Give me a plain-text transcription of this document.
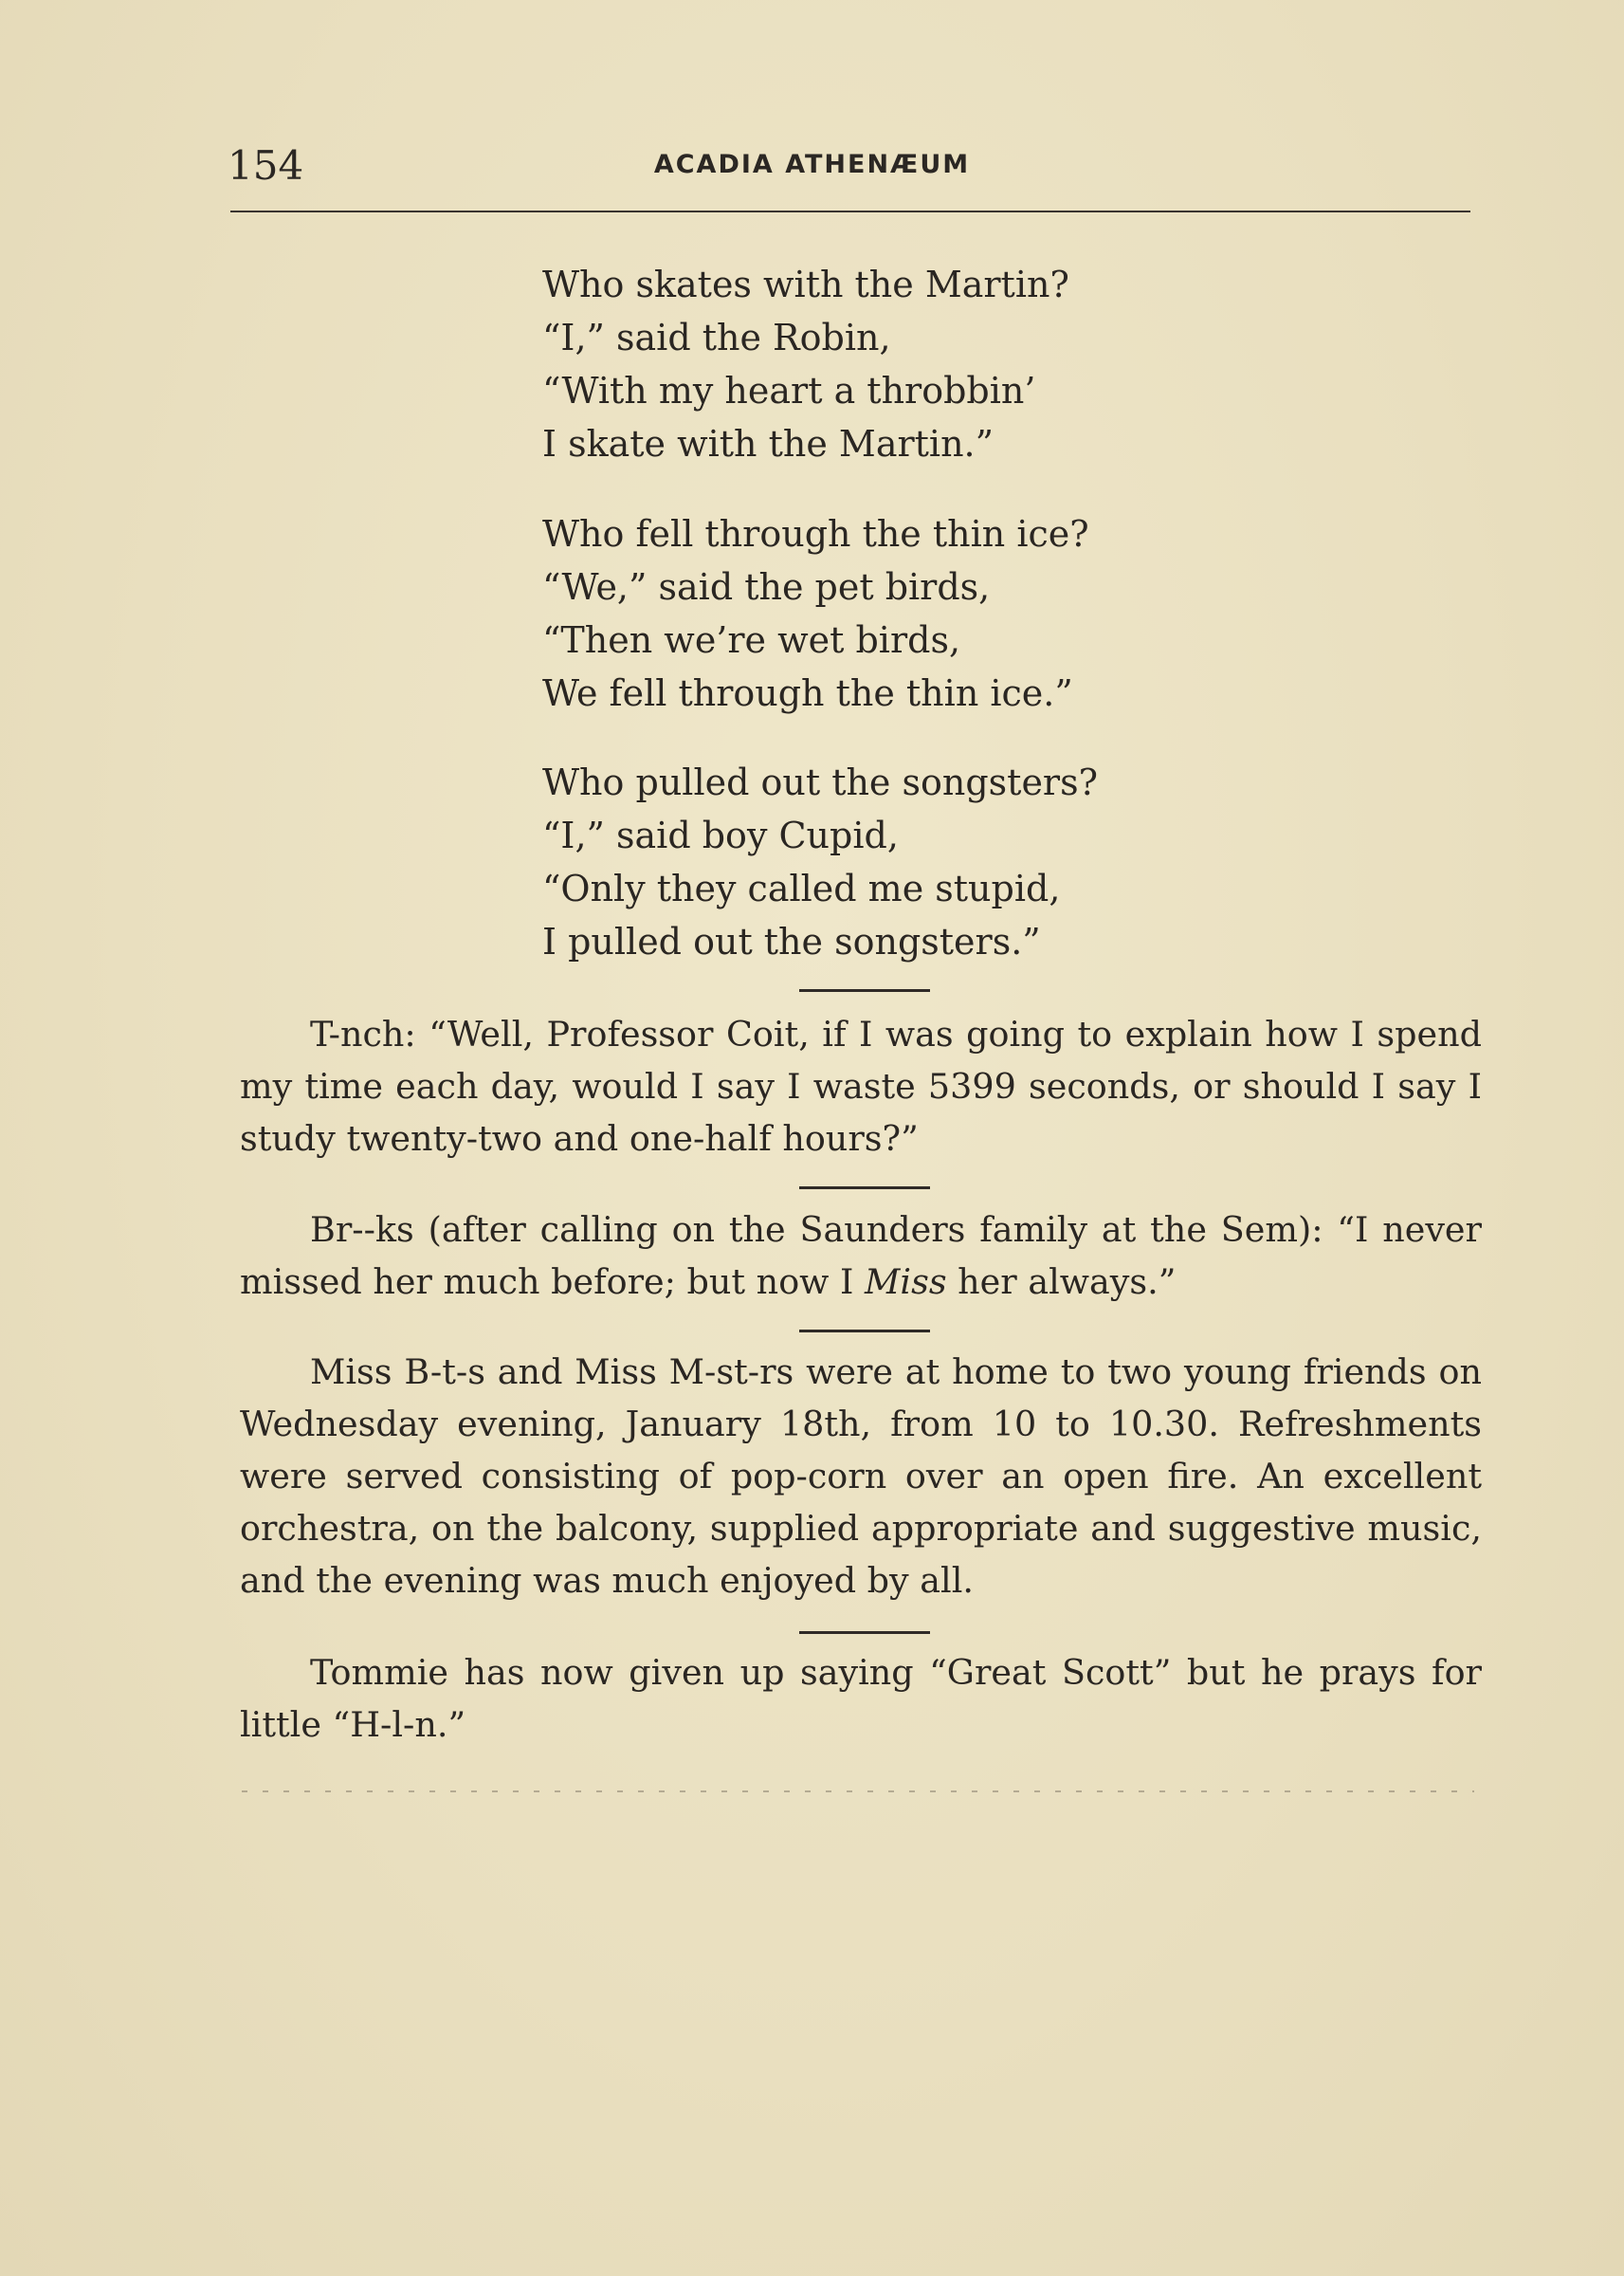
154	ACADIA ATHENÆUM
Who skates with the Martin?
“I,” said the Robin,
“With my heart a throbbin’
I skate with the Martin.”
Who fell through the thin ice?
“We,” said the pet birds,
“Then we’re wet birds,
We fell through the thin ice.”
Who pulled out the songsters?
“I,” said boy Cupid,
“Only they called me stupid,
I pulled out the songsters.”

T-nch: “Well, Professor Coit, if I was going to explain how I spend my time each day, would I say I waste 5399 seconds, or should I say I study twenty-two and one-half hours?”

Br--ks (after calling on the Saunders family at the Sem): “I never missed her much before; but now I Miss her always.”

Miss B-t-s and Miss M-st-rs were at home to two young friends on Wednesday evening, January 18th, from 10 to 10.30. Refreshments were served consisting of pop-corn over an open fire. An excellent orchestra, on the balcony, supplied appropriate and suggestive music, and the evening was much enjoyed by all.

Tommie has now given up saying “Great Scott” but he prays for little “H-l-n.”
